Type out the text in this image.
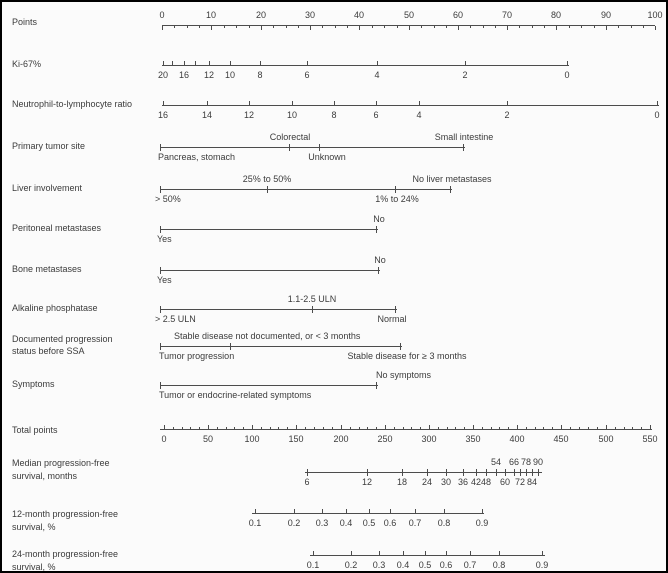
Points
0	10	20	30	40	50	60	70	80	90	100
Ki-67%
20 16 12 10 8	6	4	2	0
Neutrophil-to-lymphocyte ratio
16	14	12	10	8	6	4	2	0
Primary tumor site
Colorectal	Small intestine
Pancreas, stomach	Unknown
Liver involvement
25% to 50%	No liver metastases
> 50%	1% to 24%
Peritoneal metastases
No
Yes
Bone metastases
No
Yes
Alkaline phosphatase
1.1-2.5 ULN
> 2.5 ULN	Normal
Documented progression
status before SSA
Stable disease not documented, or < 3 months
Tumor progression	Stable disease for ≥ 3 months
Symptoms
No symptoms
Tumor or endocrine-related symptoms
Total points
0	50	100	150	200	250	300	350	400	450	500	550
Median progression-free
survival, months
6	12	18 24 30 36 42 48 60 72 84
54 66 78 90
12-month progression-free
survival, %	0.1	0.2 0.3 0.4 0.5 0.6 0.7 0.8	0.9
24-month progression-free
survival, %	0.1	0.2 0.3 0.4 0.5 0.6 0.7 0.8	0.9
